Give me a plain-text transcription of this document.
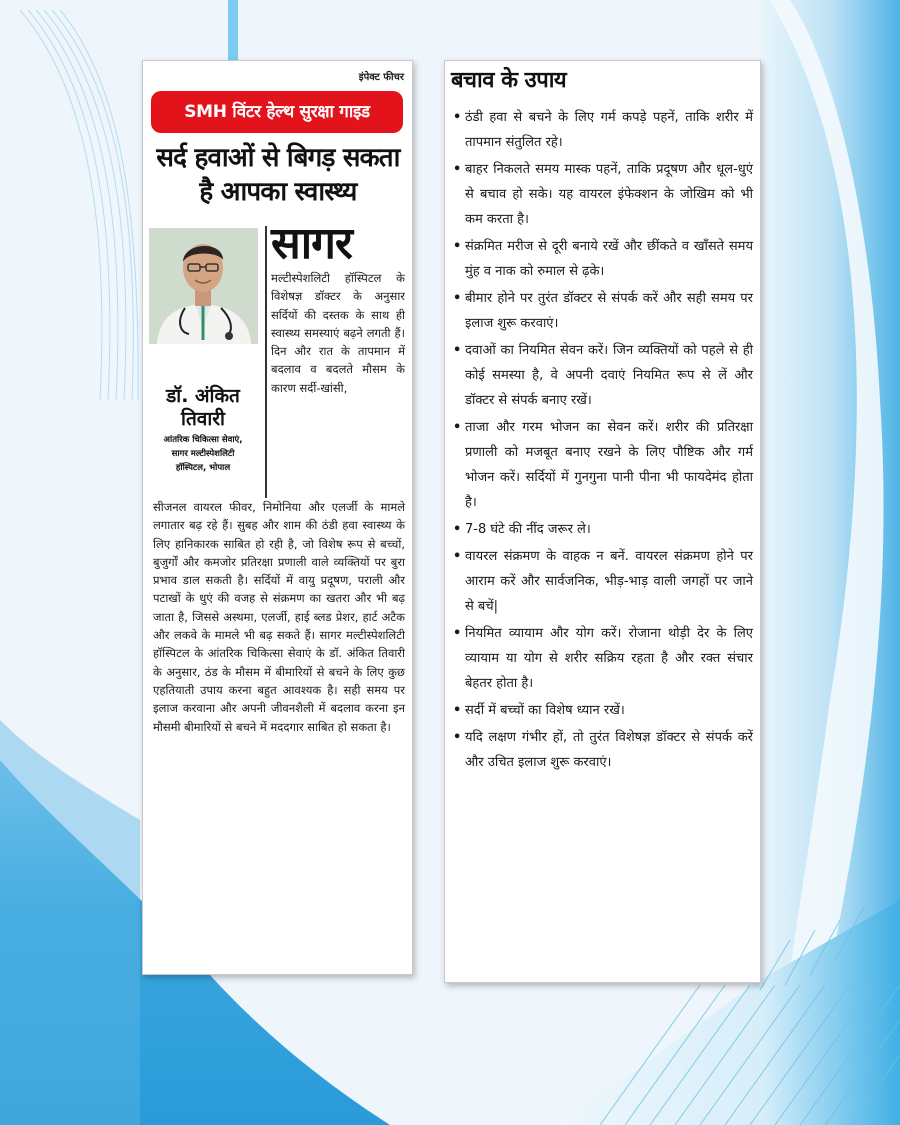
इंपेक्ट फीचर
SMH विंटर हेल्थ सुरक्षा गाइड
सर्द हवाओं से बिगड़ सकता है आपका स्वास्थ्य
डॉ. अंकित तिवारी
आंतरिक चिकित्सा सेवाएं,
सागर मल्टीस्पेशलिटी
हॉस्पिटल, भोपाल
सागर
मल्टीस्पेशलिटी हॉस्पिटल के विशेषज्ञ डॉक्टर के अनुसार सर्दियों की दस्तक के साथ ही स्वास्थ्य समस्याएं बढ़ने लगती हैं। दिन और रात के तापमान में बदलाव व बदलते मौसम के कारण सर्दी-खांसी,
सीजनल वायरल फीवर, निमोनिया और एलर्जी के मामले लगातार बढ़ रहे हैं। सुबह और शाम की ठंडी हवा स्वास्थ्य के लिए हानिकारक साबित हो रही है, जो विशेष रूप से बच्चों, बुजुर्गों और कमजोर प्रतिरक्षा प्रणाली वाले व्यक्तियों पर बुरा प्रभाव डाल सकती है। सर्दियों में वायु प्रदूषण, पराली और पटाखों के धुएं की वजह से संक्रमण का खतरा और भी बढ़ जाता है, जिससे अस्थमा, एलर्जी, हाई ब्लड प्रेशर, हार्ट अटैक और लकवे के मामले भी बढ़ सकते हैं। सागर मल्टीस्पेशलिटी हॉस्पिटल के आंतरिक चिकित्सा सेवाएं के डॉ. अंकित तिवारी के अनुसार, ठंड के मौसम में बीमारियों से बचने के लिए कुछ एहतियाती उपाय करना बहुत आवश्यक है। सही समय पर इलाज करवाना और अपनी जीवनशैली में बदलाव करना इन मौसमी बीमारियों से बचने में मददगार साबित हो सकता है।
बचाव के उपाय
• ठंडी हवा से बचने के लिए गर्म कपड़े पहनें, ताकि शरीर में तापमान संतुलित रहे।
• बाहर निकलते समय मास्क पहनें, ताकि प्रदूषण और धूल-धुएं से बचाव हो सके। यह वायरल इंफेक्शन के जोखिम को भी कम करता है।
• संक्रमित मरीज से दूरी बनाये रखें और छींकते व खॉंसते समय मुंह व नाक को रुमाल से ढ़के।
• बीमार होने पर तुरंत डॉक्टर से संपर्क करें और सही समय पर इलाज शुरू करवाएं।
• दवाओं का नियमित सेवन करें। जिन व्यक्तियों को पहले से ही कोई समस्या है, वे अपनी दवाएं नियमित रूप से लें और डॉक्टर से संपर्क बनाए रखें।
• ताजा और गरम भोजन का सेवन करें। शरीर की प्रतिरक्षा प्रणाली को मजबूत बनाए रखने के लिए पौष्टिक और गर्म भोजन करें। सर्दियों में गुनगुना पानी पीना भी फायदेमंद होता है।
• 7-8 घंटे की नींद जरूर ले।
• वायरल संक्रमण के वाहक न बनें. वायरल संक्रमण होने पर आराम करें और सार्वजनिक, भीड़-भाड़ वाली जगहों पर जाने से बचें|
• नियमित व्यायाम और योग करें। रोजाना थोड़ी देर के लिए व्यायाम या योग से शरीर सक्रिय रहता है और रक्त संचार बेहतर होता है।
• सर्दी में बच्चों का विशेष ध्यान रखें।
• यदि लक्षण गंभीर हों, तो तुरंत विशेषज्ञ डॉक्टर से संपर्क करें और उचित इलाज शुरू करवाएं।
